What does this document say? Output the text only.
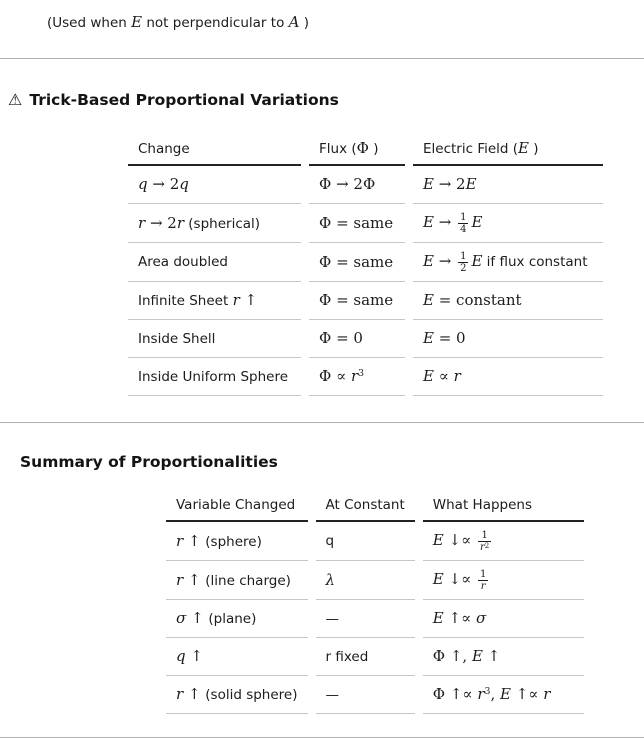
(Used when E not perpendicular to A )
⚠ Trick-Based Proportional Variations
Change	Flux (Φ )	Electric Field (E )
q → 2q	Φ → 2Φ	E → 2E
r → 2r (spherical)	Φ = same	$E \to \frac{1}{4}$ E
Area doubled	Φ = same	$E \to \frac{1}{2}$ E if flux constant
Infinite Sheet r ↑	Φ = same	E = constant
Inside Shell	Φ = 0	E = 0
Inside Uniform Sphere	$\Phi \propto r^3$	E ∝ r
Summary of Proportionalities
Variable Changed	At Constant	What Happens
r ↑ (sphere)	q	E ↓∝ $\frac{1}{r^2}$

r ↑ (line charge)	λ	E ↓∝ $\frac{1}{r}$

σ ↑ (plane)	—	E ↑∝ σ
q ↑	r fixed	Φ ↑, E ↑
r ↑ (solid sphere)	—	Φ ↑∝ $r^3$, E ↑∝ r
